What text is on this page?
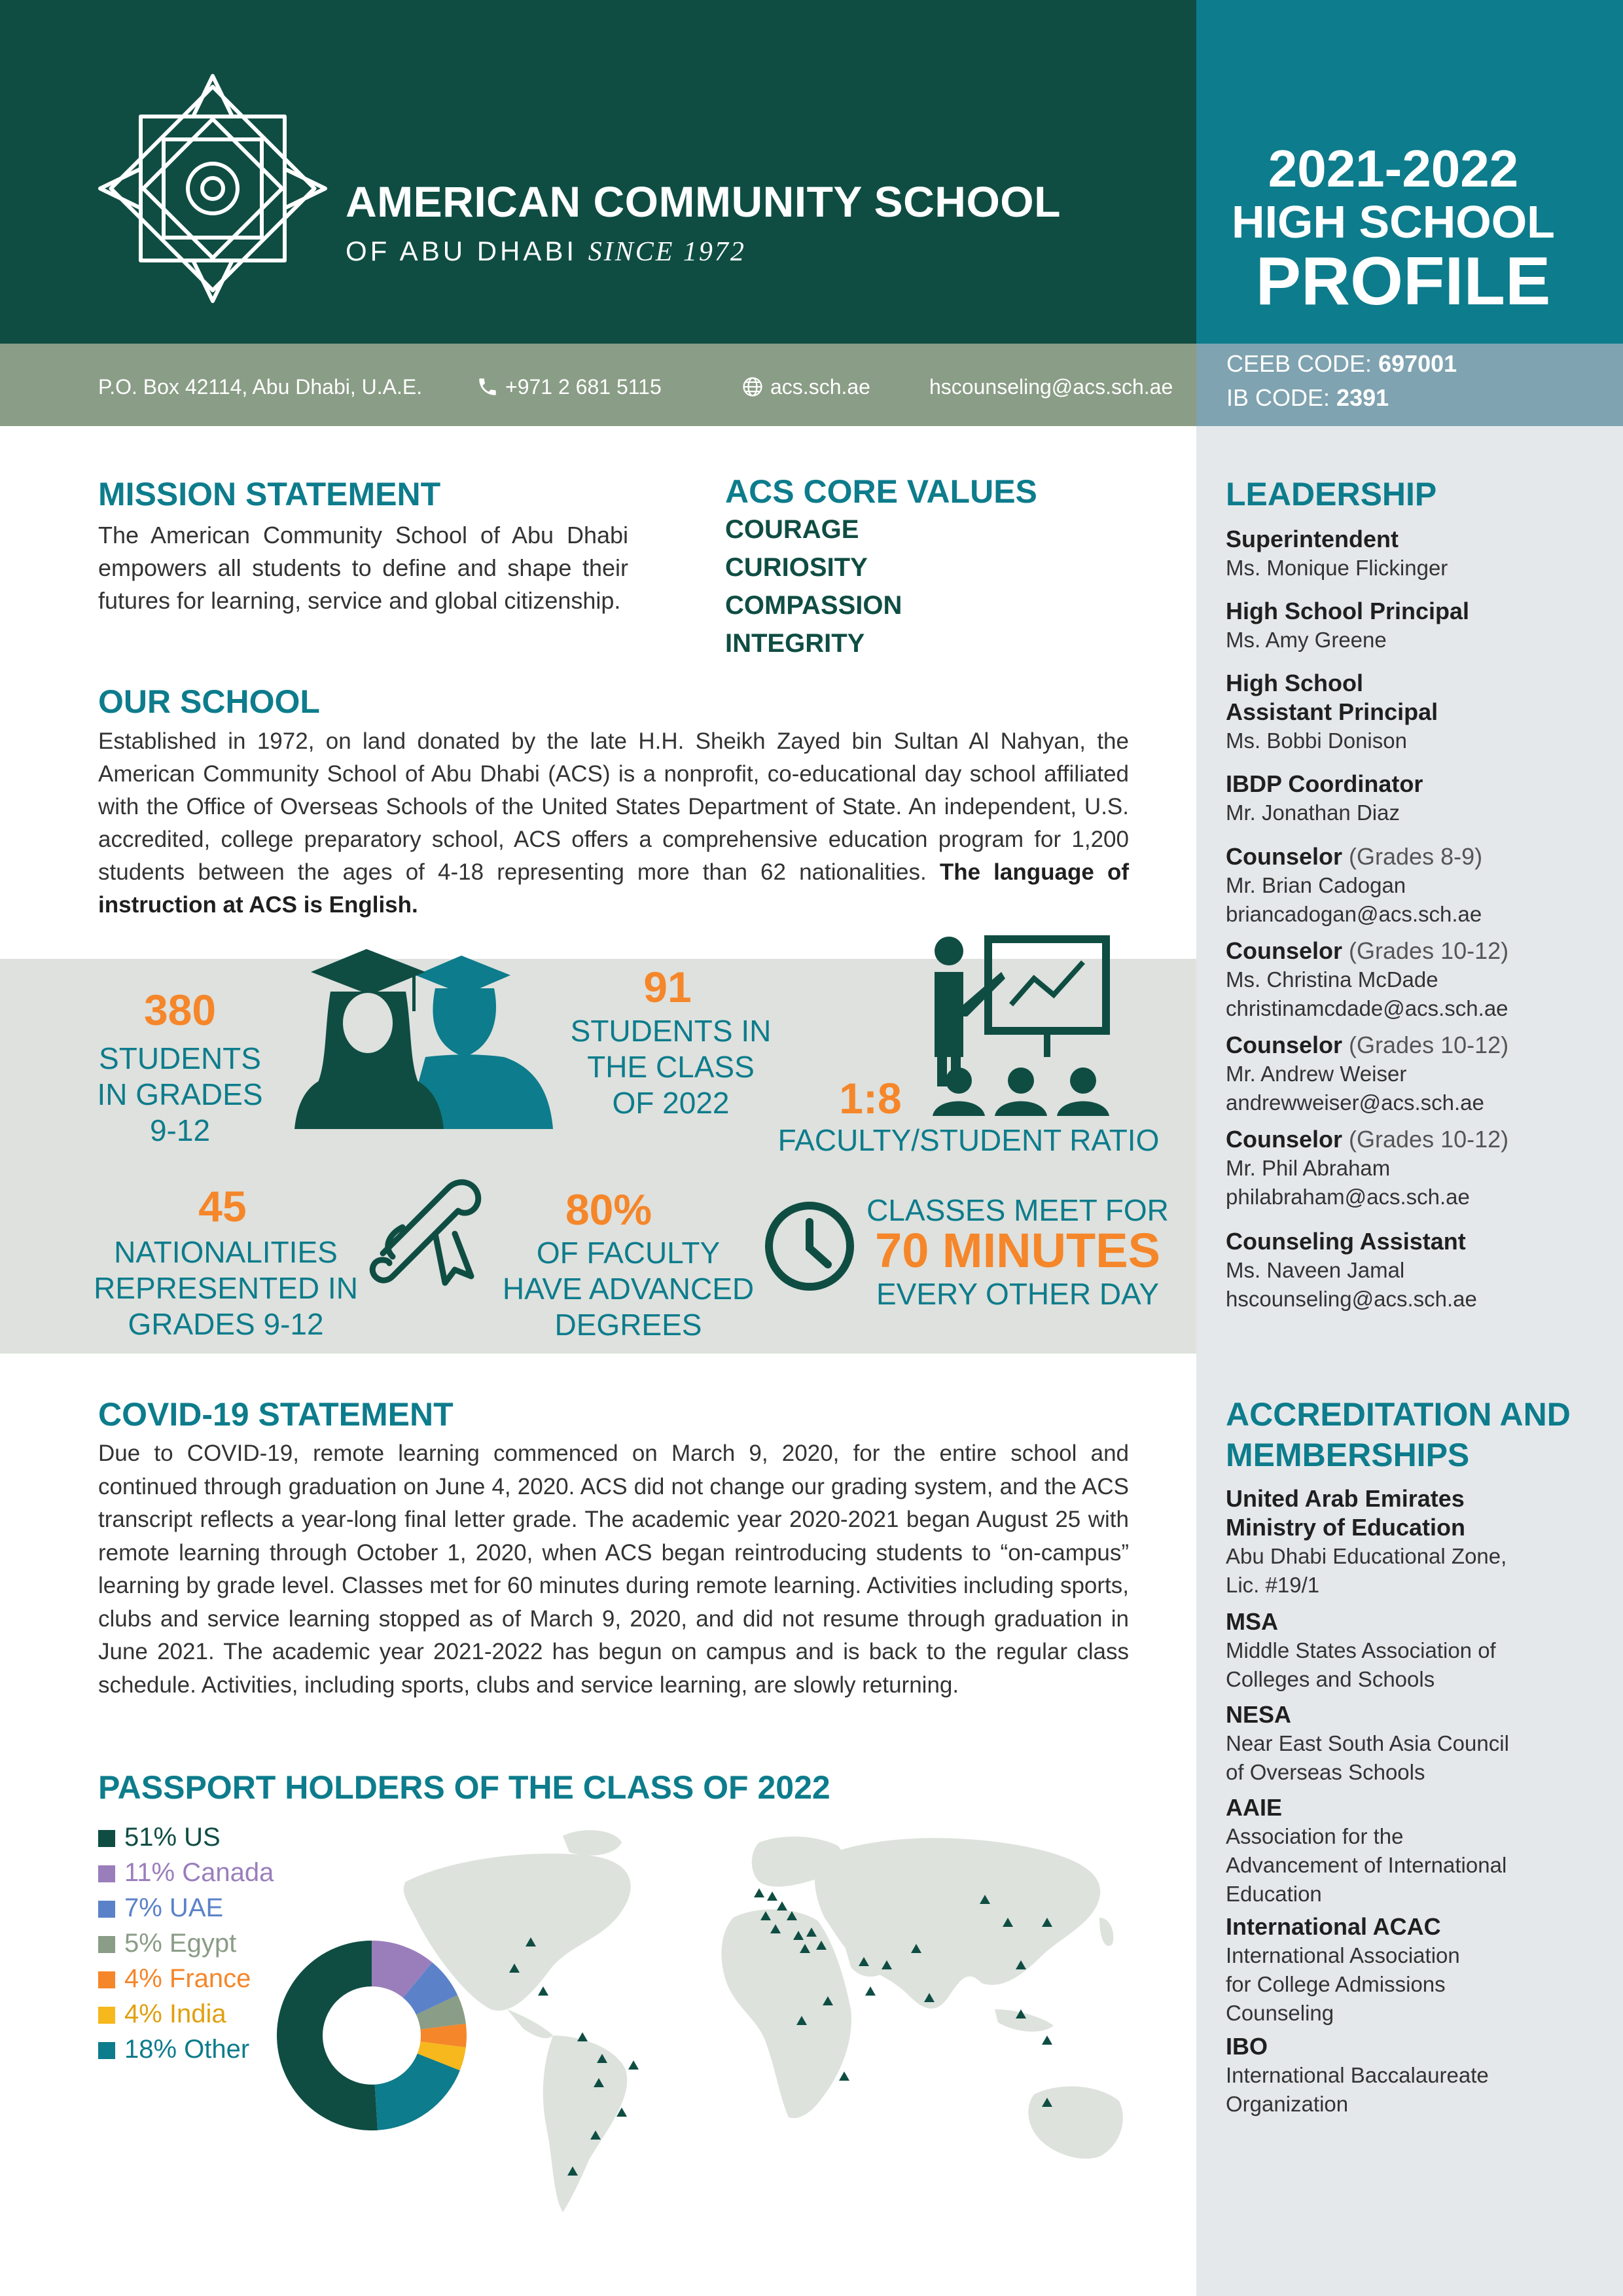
AMERICAN COMMUNITY SCHOOL
OF ABU DHABI SINCE 1972
2021-2022
HIGH SCHOOL
PROFILE
P.O. Box 42114, Abu Dhabi, U.A.E.	+971 2 681 5115	acs.sch.ae	hscounseling@acs.sch.ae
CEEB CODE: 697001
IB CODE: 2391
MISSION STATEMENT
The American Community School of Abu Dhabi empowers all students to define and shape their futures for learning, service and global citizenship.
ACS CORE VALUES
COURAGE
CURIOSITY
COMPASSION
INTEGRITY
OUR SCHOOL
Established in 1972, on land donated by the late H.H. Sheikh Zayed bin Sultan Al Nahyan, the American Community School of Abu Dhabi (ACS) is a nonprofit, co-educational day school affiliated with the Office of Overseas Schools of the United States Department of State. An independent, U.S. accredited, college preparatory school, ACS offers a comprehensive education program for 1,200 students between the ages of 4-18 representing more than 62 nationalities. The language of instruction at ACS is English.
380
STUDENTS
IN GRADES
9-12
91
STUDENTS IN
THE CLASS
OF 2022	1:8
FACULTY/STUDENT RATIO
45
NATIONALITIES
REPRESENTED IN
GRADES 9-12
80%
OF FACULTY
HAVE ADVANCED
DEGREES
CLASSES MEET FOR
70 MINUTES
EVERY OTHER DAY
COVID-19 STATEMENT
Due to COVID-19, remote learning commenced on March 9, 2020, for the entire school and continued through graduation on June 4, 2020. ACS did not change our grading system, and the ACS transcript reflects a year-long final letter grade. The academic year 2020-2021 began August 25 with remote learning through October 1, 2020, when ACS began reintroducing students to “on-campus” learning by grade level. Classes met for 60 minutes during remote learning. Activities including sports, clubs and service learning stopped as of March 9, 2020, and did not resume through graduation in June 2021. The academic year 2021-2022 has begun on campus and is back to the regular class schedule. Activities, including sports, clubs and service learning, are slowly returning.
PASSPORT HOLDERS OF THE CLASS OF 2022
51% US
11% Canada
7% UAE
5% Egypt
4% France
4% India
18% Other
LEADERSHIP
Superintendent
Ms. Monique Flickinger
High School Principal
Ms. Amy Greene
High School
Assistant Principal
Ms. Bobbi Donison
IBDP Coordinator
Mr. Jonathan Diaz
Counselor (Grades 8-9)
Mr. Brian Cadogan
briancadogan@acs.sch.ae
Counselor (Grades 10-12)
Ms. Christina McDade
christinamcdade@acs.sch.ae
Counselor (Grades 10-12)
Mr. Andrew Weiser
andrewweiser@acs.sch.ae
Counselor (Grades 10-12)
Mr. Phil Abraham
philabraham@acs.sch.ae
Counseling Assistant
Ms. Naveen Jamal
hscounseling@acs.sch.ae
ACCREDITATION AND
MEMBERSHIPS
United Arab Emirates
Ministry of Education
Abu Dhabi Educational Zone,
Lic. #19/1
MSA
Middle States Association of
Colleges and Schools
NESA
Near East South Asia Council
of Overseas Schools
AAIE
Association for the
Advancement of International
Education
International ACAC
International Association
for College Admissions
Counseling
IBO
International Baccalaureate
Organization
